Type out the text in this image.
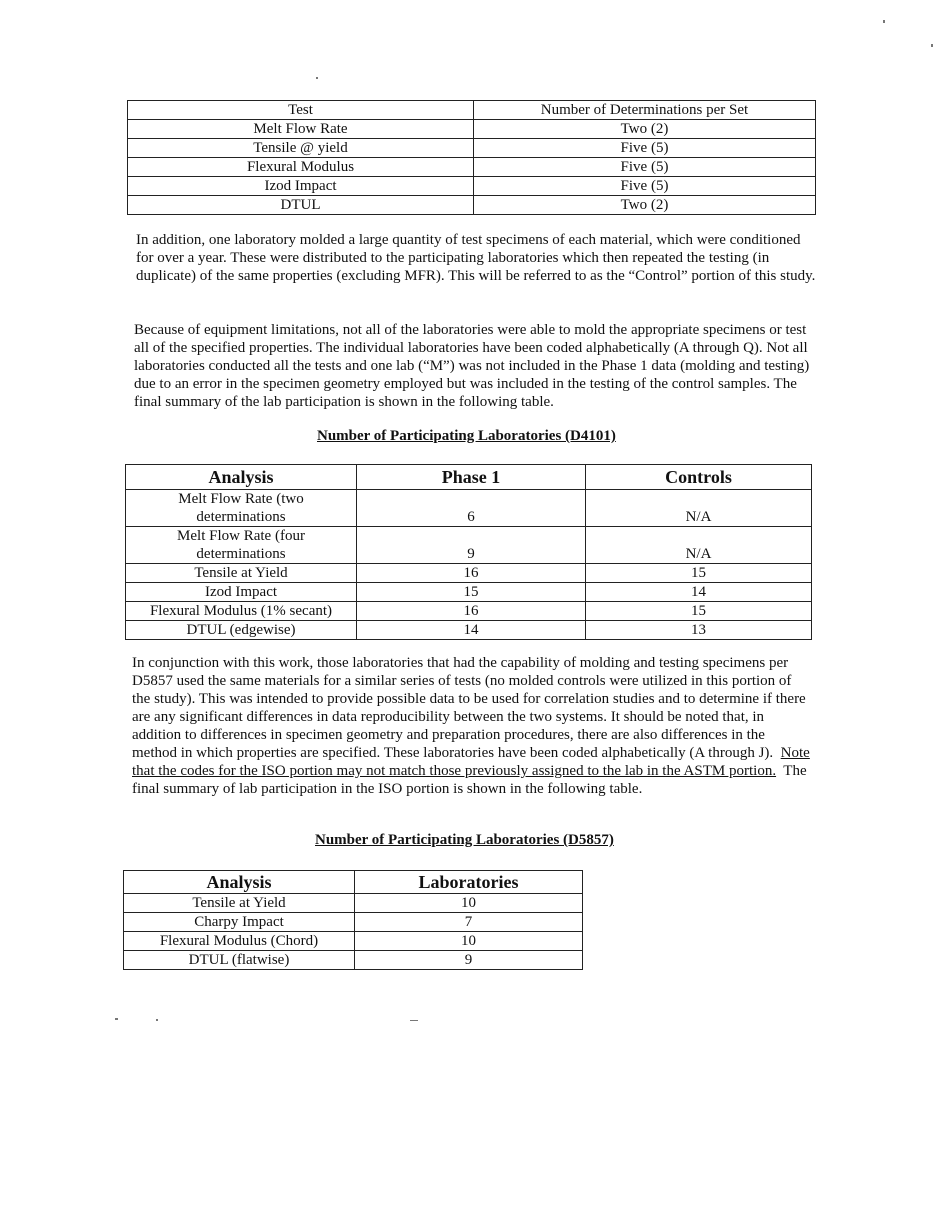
Test	Number of Determinations per Set
Melt Flow Rate	Two (2)
Tensile @ yield	Five (5)
Flexural Modulus	Five (5)
Izod Impact	Five (5)
DTUL	Two (2)

In addition, one laboratory molded a large quantity of test specimens of each material, which were conditioned for over a year. These were distributed to the participating laboratories which then repeated the testing (in duplicate) of the same properties (excluding MFR). This will be referred to as the “Control” portion of this study.

Because of equipment limitations, not all of the laboratories were able to mold the appropriate specimens or test all of the specified properties. The individual laboratories have been coded alphabetically (A through Q). Not all laboratories conducted all the tests and one lab (“M”) was not included in the Phase 1 data (molding and testing) due to an error in the specimen geometry employed but was included in the testing of the control samples. The final summary of the lab participation is shown in the following table.

Number of Participating Laboratories (D4101)
Analysis	Phase 1	Controls
Melt Flow Rate (two
determinations	6	N/A
Melt Flow Rate (four
determinations	9	N/A
Tensile at Yield	16	15
Izod Impact	15	14
Flexural Modulus (1% secant)	16	15
DTUL (edgewise)	14	13

In conjunction with this work, those laboratories that had the capability of molding and testing specimens per D5857 used the same materials for a similar series of tests (no molded controls were utilized in this portion of the study). This was intended to provide possible data to be used for correlation studies and to determine if there are any significant differences in data reproducibility between the two systems. It should be noted that, in addition to differences in specimen geometry and preparation procedures, there are also differences in the method in which properties are specified. These laboratories have been coded alphabetically (A through J). Note that the codes for the ISO portion may not match those previously assigned to the lab in the ASTM portion. The final summary of lab participation in the ISO portion is shown in the following table.

Number of Participating Laboratories (D5857)
Analysis	Laboratories
Tensile at Yield	10
Charpy Impact	7
Flexural Modulus (Chord)	10
DTUL (flatwise)	9
